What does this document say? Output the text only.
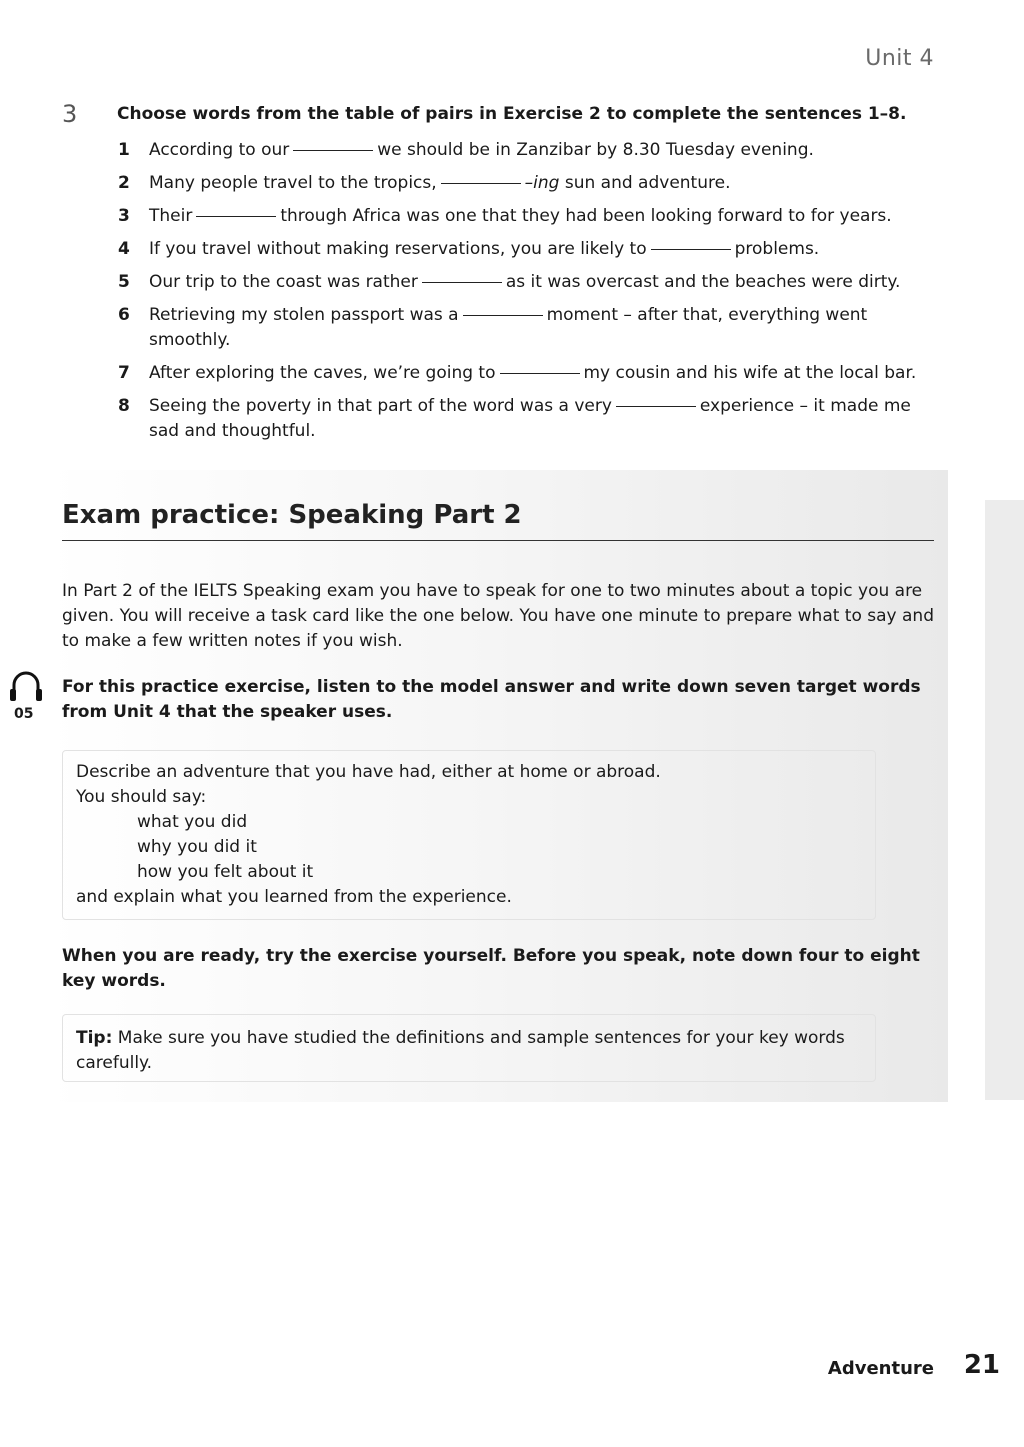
Unit 4
3 Choose words from the table of pairs in Exercise 2 to complete the sentences 1–8.
1	According to our	we should be in Zanzibar by 8.30 Tuesday evening.
2	Many people travel to the tropics,	–ing sun and adventure.
3	Their	through Africa was one that they had been looking forward to for years.
4	If you travel without making reservations, you are likely to	problems.
5	Our trip to the coast was rather	as it was overcast and the beaches were dirty.
6	Retrieving my stolen passport was a	moment – after that, everything went smoothly.
7	After exploring the caves, we’re going to	my cousin and his wife at the local bar.
8	Seeing the poverty in that part of the word was a very	experience – it made me sad and thoughtful.
Exam practice: Speaking Part 2
In Part 2 of the IELTS Speaking exam you have to speak for one to two minutes about a topic you are given. You will receive a task card like the one below. You have one minute to prepare what to say and to make a few written notes if you wish.
05
For this practice exercise, listen to the model answer and write down seven target words from Unit 4 that the speaker uses.
Describe an adventure that you have had, either at home or abroad.
You should say:
what you did
why you did it
how you felt about it
and explain what you learned from the experience.
When you are ready, try the exercise yourself. Before you speak, note down four to eight key words.
Tip: Make sure you have studied the definitions and sample sentences for your key words carefully.
Adventure 21
